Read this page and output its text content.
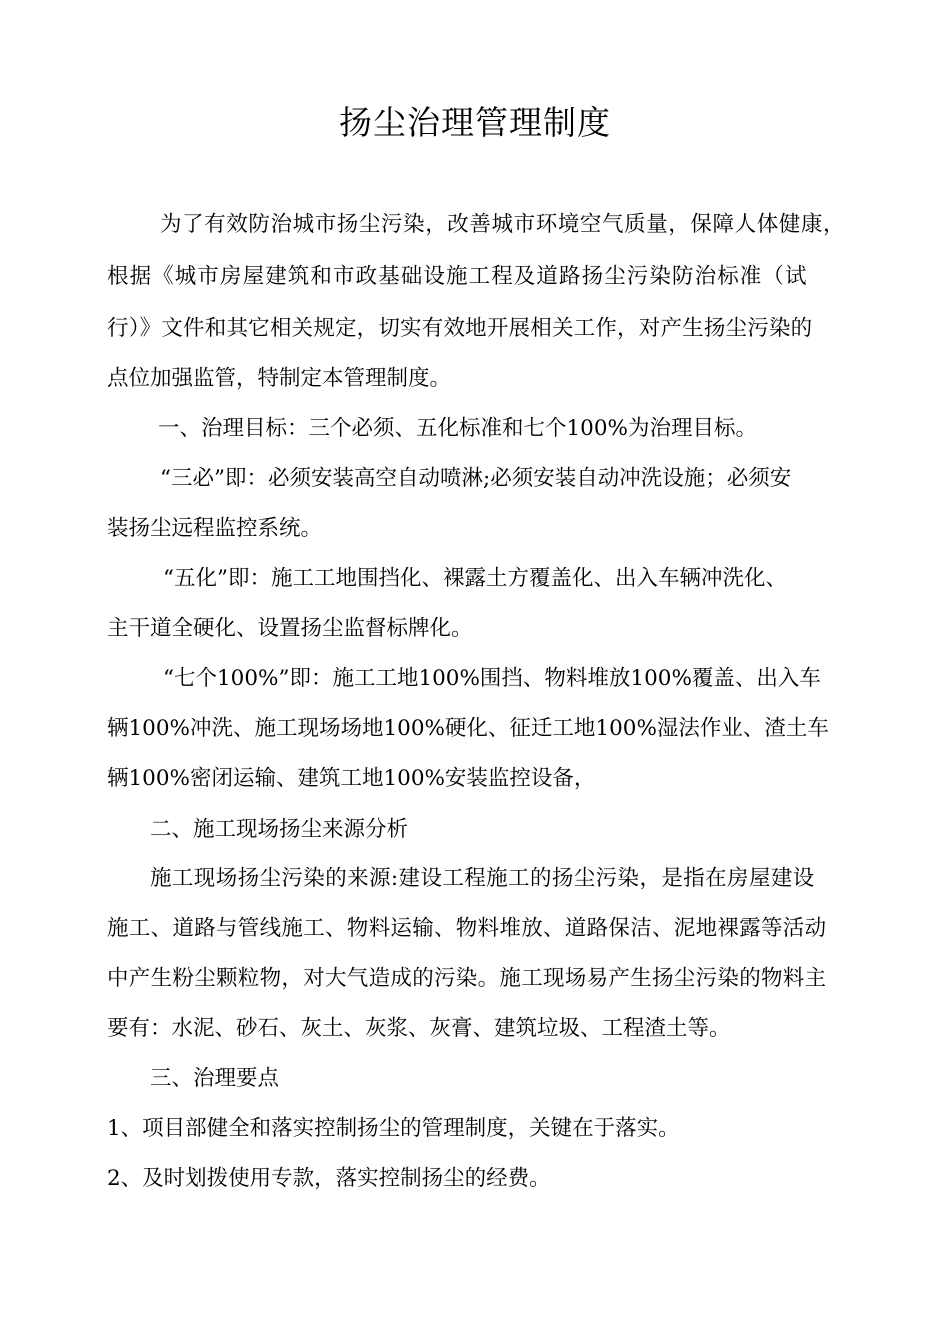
扬尘治理管理制度
为了有效防治城市扬尘污染，改善城市环境空气质量，保障人体健康，
根据《城市房屋建筑和市政基础设施工程及道路扬尘污染防治标准（试
行）》文件和其它相关规定，切实有效地开展相关工作，对产生扬尘污染的
点位加强监管，特制定本管理制度。
一、治理目标：三个必须、五化标准和七个100%为治理目标。
“三必”即：必须安装高空自动喷淋;必须安装自动冲洗设施；必须安
装扬尘远程监控系统。
“五化”即：施工工地围挡化、裸露土方覆盖化、出入车辆冲洗化、
主干道全硬化、设置扬尘监督标牌化。
“七个100%”即：施工工地100%围挡、物料堆放100%覆盖、出入车
辆100%冲洗、施工现场场地100%硬化、征迁工地100%湿法作业、渣土车
辆100%密闭运输、建筑工地100%安装监控设备，
二、施工现场扬尘来源分析
施工现场扬尘污染的来源:建设工程施工的扬尘污染，是指在房屋建设
施工、道路与管线施工、物料运输、物料堆放、道路保洁、泥地裸露等活动
中产生粉尘颗粒物，对大气造成的污染。施工现场易产生扬尘污染的物料主
要有：水泥、砂石、灰土、灰浆、灰膏、建筑垃圾、工程渣土等。
三、治理要点
1、项目部健全和落实控制扬尘的管理制度，关键在于落实。
2、及时划拨使用专款，落实控制扬尘的经费。
